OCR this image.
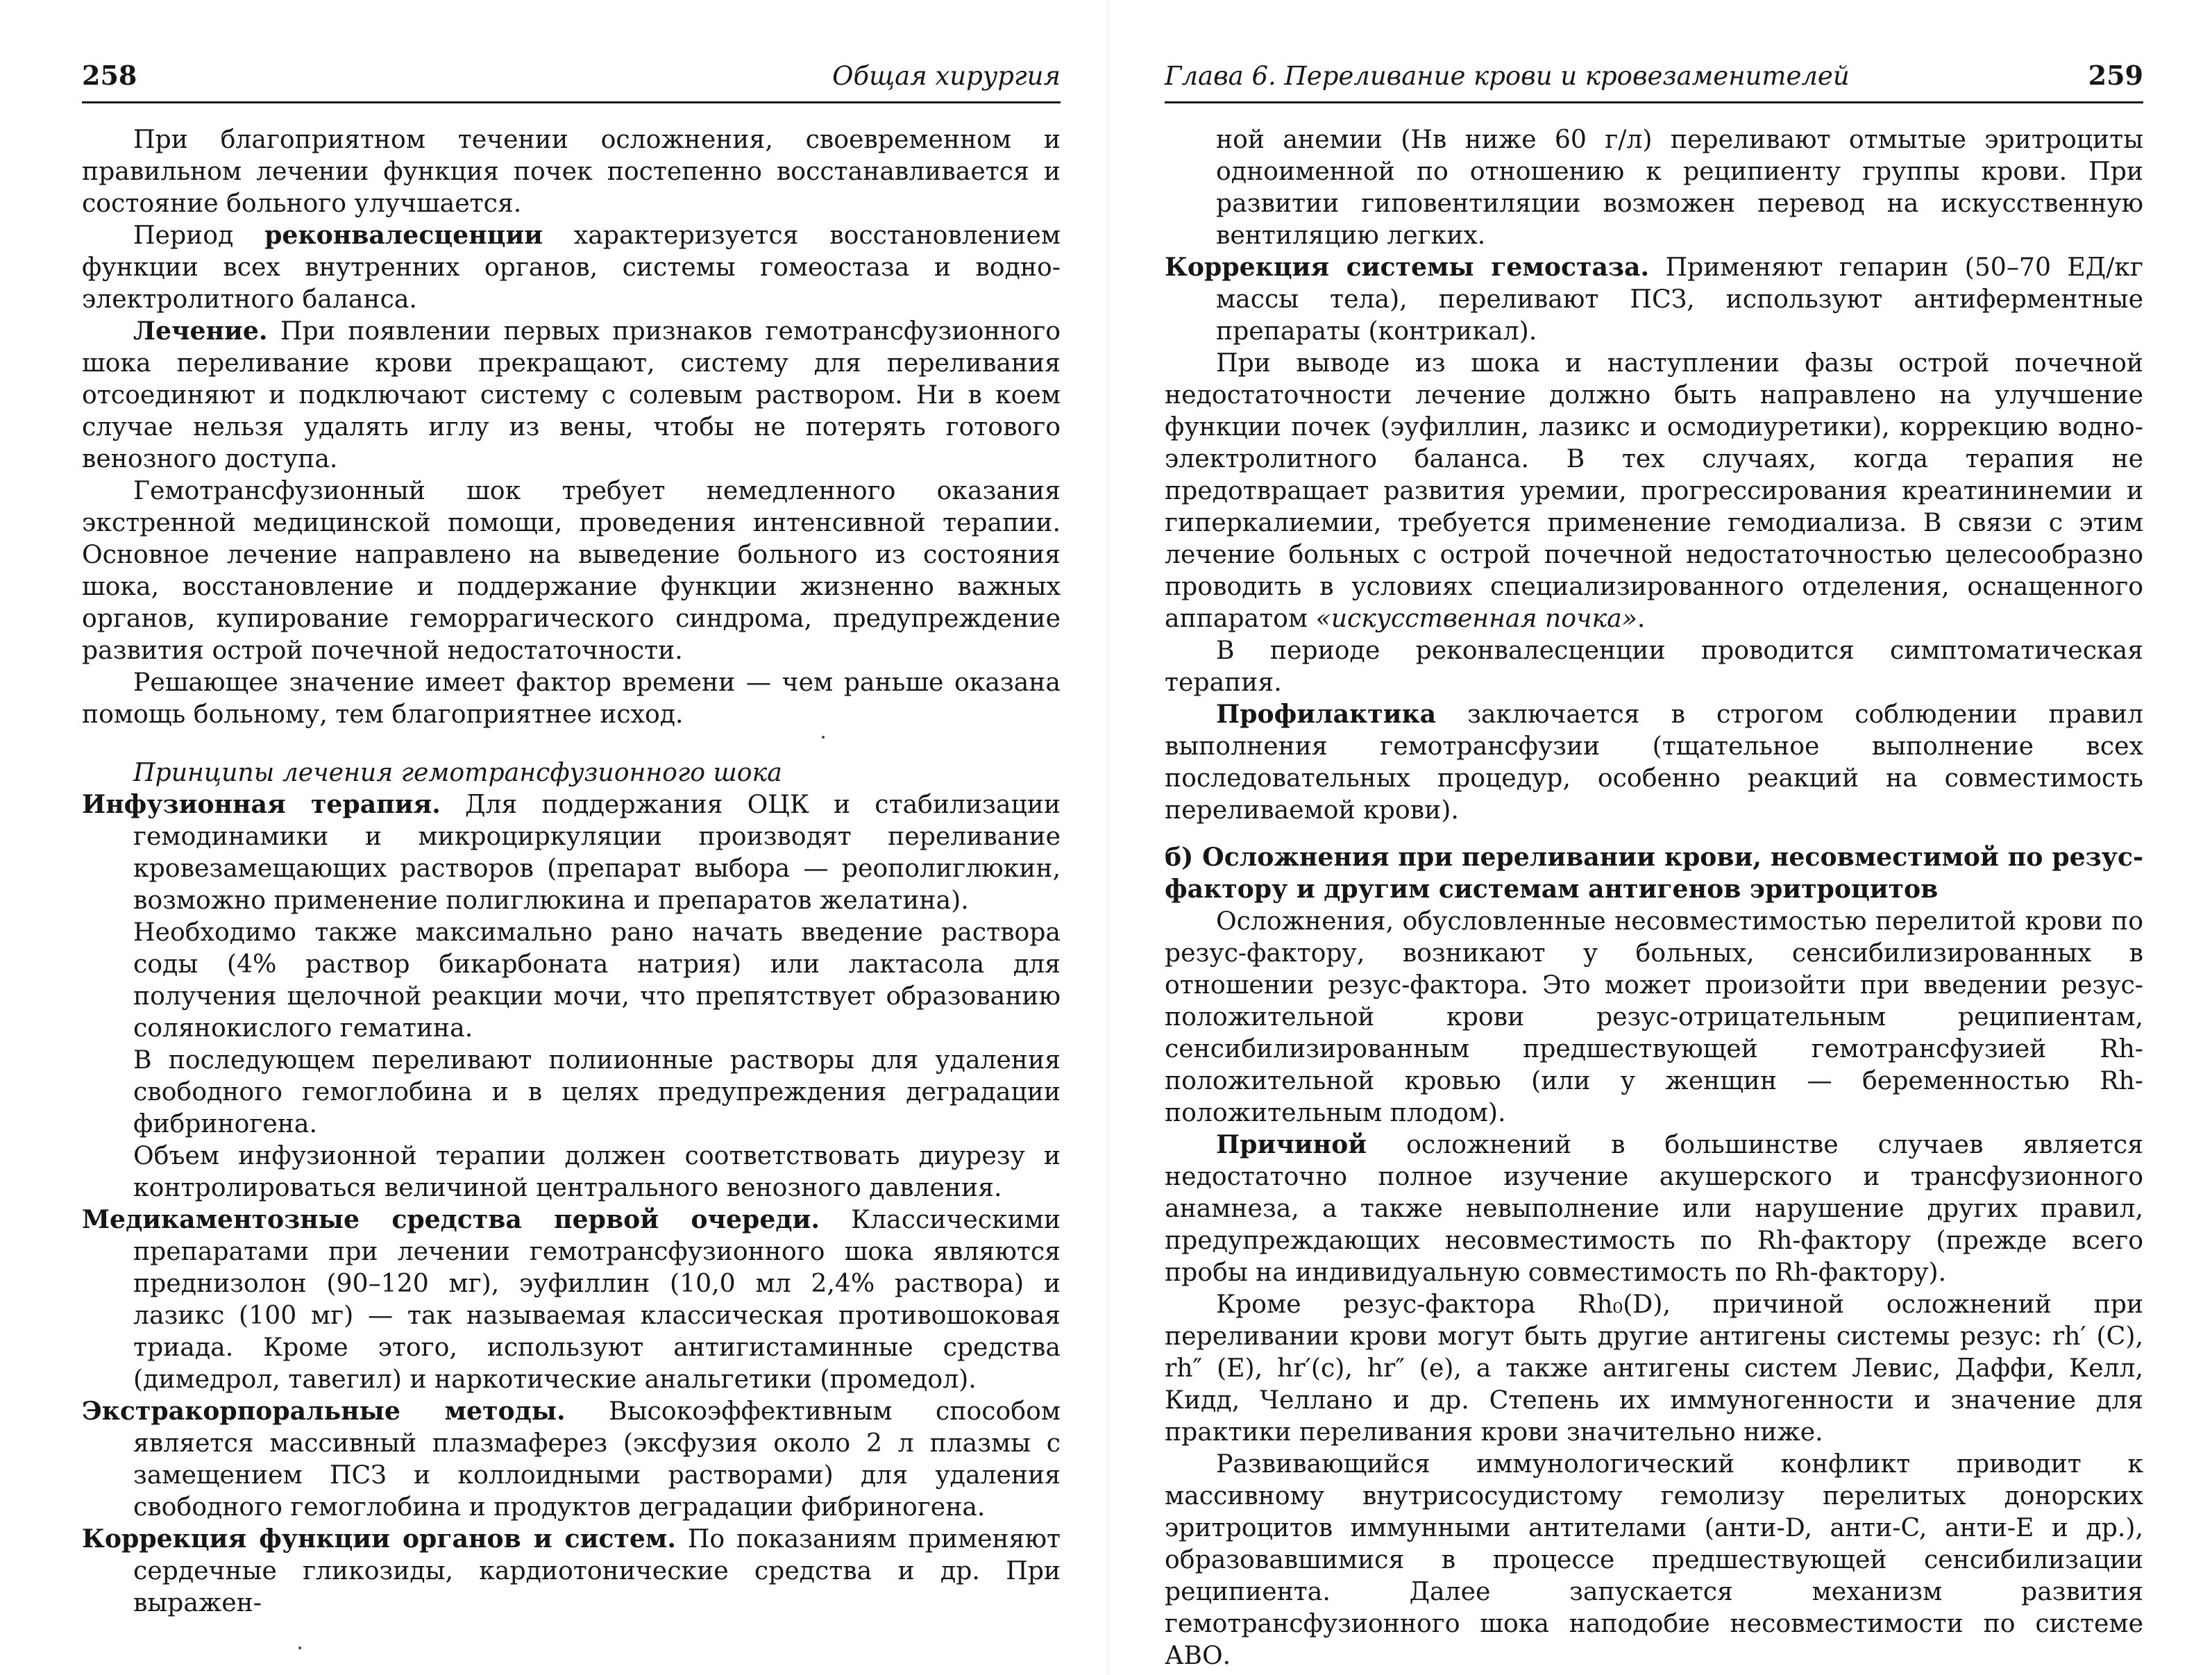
258	Общая хирургия

При благоприятном течении осложнения, своевременном и правильном лечении функция почек постепенно восстанавливается и состояние больного улучшается.

Период реконвалесценции характеризуется восстановлением функции всех внутренних органов, системы гомеостаза и водно-электролитного баланса.

Лечение. При появлении первых признаков гемотрансфузионного шока переливание крови прекращают, систему для переливания отсоединяют и подключают систему с солевым раствором. Ни в коем случае нельзя удалять иглу из вены, чтобы не потерять готового венозного доступа.

Гемотрансфузионный шок требует немедленного оказания экстренной медицинской помощи, проведения интенсивной терапии. Основное лечение направлено на выведение больного из состояния шока, восстановление и поддержание функции жизненно важных органов, купирование геморрагического синдрома, предупреждение развития острой почечной недостаточности.

Решающее значение имеет фактор времени — чем раньше оказана помощь больному, тем благоприятнее исход.

Принципы лечения гемотрансфузионного шока

Инфузионная терапия. Для поддержания ОЦК и стабилизации гемодинамики и микроциркуляции производят переливание кровезамещающих растворов (препарат выбора — реополиглюкин, возможно применение полиглюкина и препаратов желатина).

Необходимо также максимально рано начать введение раствора соды (4% раствор бикарбоната натрия) или лактасола для получения щелочной реакции мочи, что препятствует образованию солянокислого гематина.

В последующем переливают полиионные растворы для удаления свободного гемоглобина и в целях предупреждения деградации фибриногена.

Объем инфузионной терапии должен соответствовать диурезу и контролироваться величиной центрального венозного давления.

Медикаментозные средства первой очереди. Классическими препаратами при лечении гемотрансфузионного шока являются преднизолон (90–120 мг), эуфиллин (10,0 мл 2,4% раствора) и лазикс (100 мг) — так называемая классическая противошоковая триада. Кроме этого, используют антигистаминные средства (димедрол, тавегил) и наркотические анальгетики (промедол).

Экстракорпоральные методы. Высокоэффективным способом является массивный плазмаферез (эксфузия около 2 л плазмы с замещением ПСЗ и коллоидными растворами) для удаления свободного гемоглобина и продуктов деградации фибриногена.

Коррекция функции органов и систем. По показаниям применяют сердечные гликозиды, кардиотонические средства и др. При выражен-

Глава 6. Переливание крови и кровезаменителей	259

ной анемии (Нв ниже 60 г/л) переливают отмытые эритроциты одноименной по отношению к реципиенту группы крови. При развитии гиповентиляции возможен перевод на искусственную вентиляцию легких.

Коррекция системы гемостаза. Применяют гепарин (50–70 ЕД/кг массы тела), переливают ПСЗ, используют антиферментные препараты (контрикал).

При выводе из шока и наступлении фазы острой почечной недостаточности лечение должно быть направлено на улучшение функции почек (эуфиллин, лазикс и осмодиуретики), коррекцию водно-электролитного баланса. В тех случаях, когда терапия не предотвращает развития уремии, прогрессирования креатининемии и гиперкалиемии, требуется применение гемодиализа. В связи с этим лечение больных с острой почечной недостаточностью целесообразно проводить в условиях специализированного отделения, оснащенного аппаратом «искусственная почка».

В периоде реконвалесценции проводится симптоматическая терапия.

Профилактика заключается в строгом соблюдении правил выполнения гемотрансфузии (тщательное выполнение всех последовательных процедур, особенно реакций на совместимость переливаемой крови).

б) Осложнения при переливании крови, несовместимой по резус-фактору и другим системам антигенов эритроцитов

Осложнения, обусловленные несовместимостью перелитой крови по резус-фактору, возникают у больных, сенсибилизированных в отношении резус-фактора. Это может произойти при введении резус-положительной крови резус-отрицательным реципиентам, сенсибилизированным предшествующей гемотрансфузией Rh-положительной кровью (или у женщин — беременностью Rh-положительным плодом).

Причиной осложнений в большинстве случаев является недостаточно полное изучение акушерского и трансфузионного анамнеза, а также невыполнение или нарушение других правил, предупреждающих несовместимость по Rh-фактору (прежде всего пробы на индивидуальную совместимость по Rh-фактору).

Кроме резус-фактора Rh₀(D), причиной осложнений при переливании крови могут быть другие антигены системы резус: rh′ (C), rh″ (E), hr′(c), hr″ (e), а также антигены систем Левис, Даффи, Келл, Кидд, Челлано и др. Степень их иммуногенности и значение для практики переливания крови значительно ниже.

Развивающийся иммунологический конфликт приводит к массивному внутрисосудистому гемолизу перелитых донорских эритроцитов иммунными антителами (анти-D, анти-C, анти-E и др.), образовавшимися в процессе предшествующей сенсибилизации реципиента. Далее запускается механизм развития гемотрансфузионного шока наподобие несовместимости по системе АВО.
